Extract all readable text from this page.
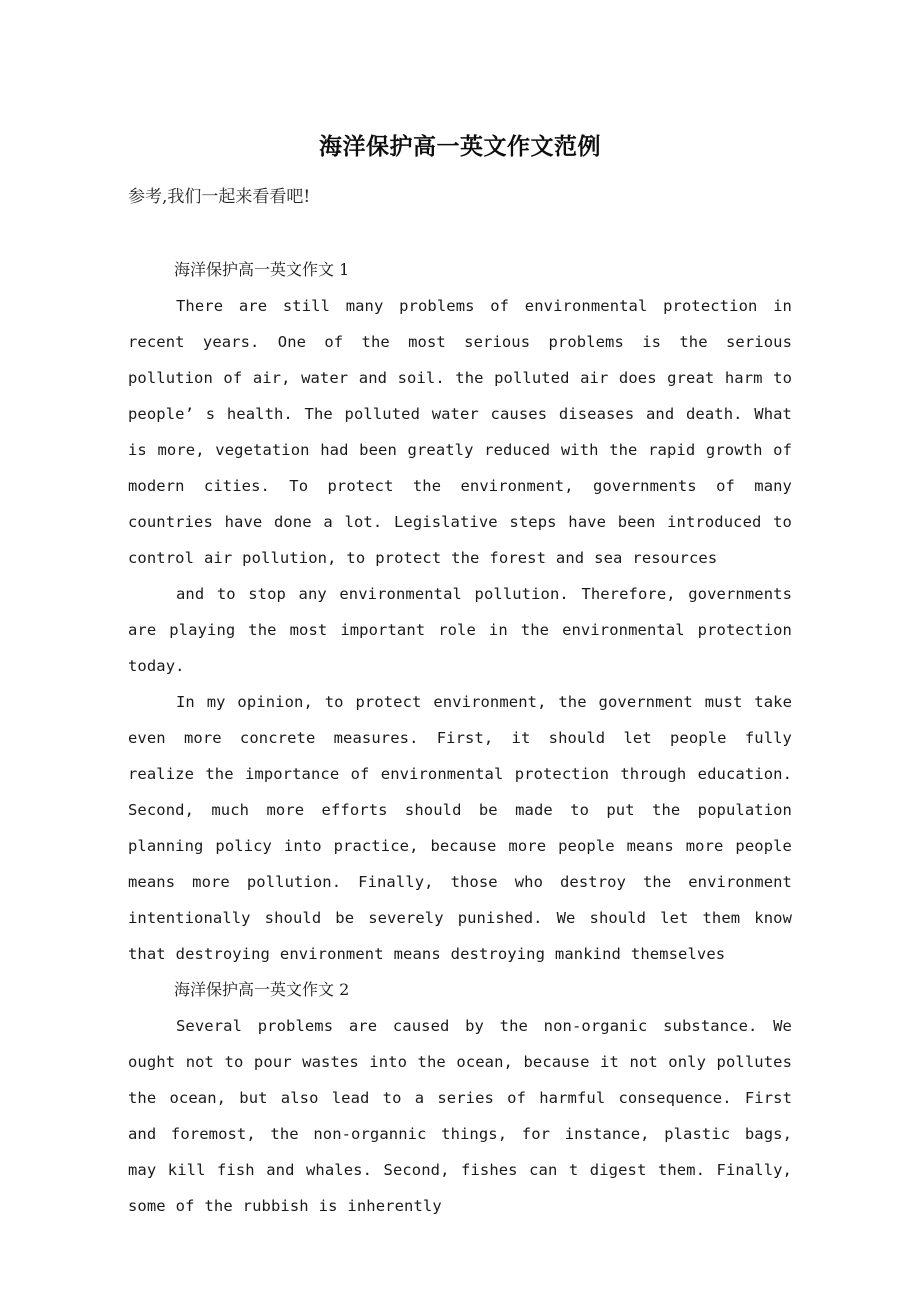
海洋保护高一英文作文范例

参考,我们一起来看看吧!

海洋保护高一英文作文 1

There are still many problems of environmental protection in recent years. One of the most serious problems is the serious pollution of air, water and soil. the polluted air does great harm to people’ s health. The polluted water causes diseases and death. What is more, vegetation had been greatly reduced with the rapid growth of modern cities. To protect the environment, governments of many countries have done a lot. Legislative steps have been introduced to control air pollution, to protect the forest and sea resources

and to stop any environmental pollution. Therefore, governments are playing the most important role in the environmental protection today.

In my opinion, to protect environment, the government must take even more concrete measures. First, it should let people fully realize the importance of environmental protection through education. Second, much more efforts should be made to put the population planning policy into practice, because more people means more people means more pollution. Finally, those who destroy the environment intentionally should be severely punished. We should let them know that destroying environment means destroying mankind themselves

海洋保护高一英文作文 2

Several problems are caused by the non-organic substance. We ought not to pour wastes into the ocean, because it not only pollutes the ocean, but also lead to a series of harmful consequence. First and foremost, the non-organnic things, for instance, plastic bags, may kill fish and whales. Second, fishes can t digest them. Finally, some of the rubbish is inherently
